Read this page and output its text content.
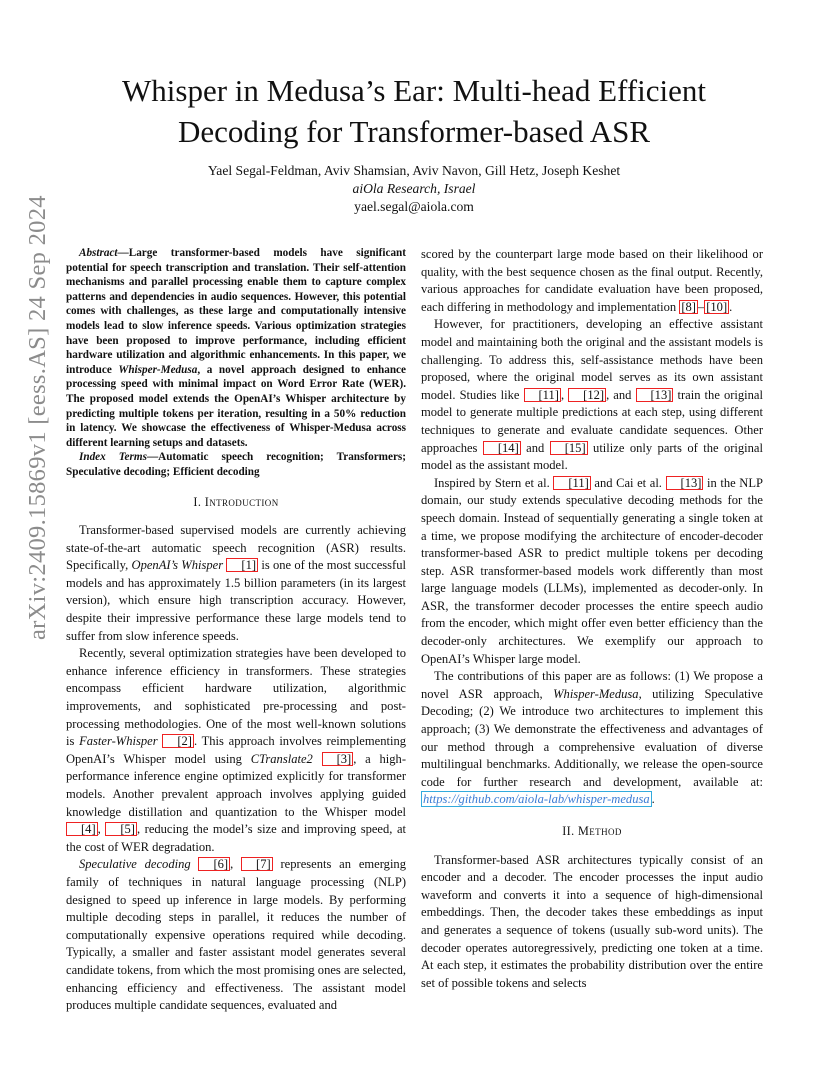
arXiv:2409.15869v1 [eess.AS] 24 Sep 2024
Whisper in Medusa’s Ear: Multi-head Efficient
Decoding for Transformer-based ASR
Yael Segal-Feldman, Aviv Shamsian, Aviv Navon, Gill Hetz, Joseph Keshet
aiOla Research, Israel
yael.segal@aiola.com

Abstract—Large transformer-based models have significant potential for speech transcription and translation. Their self-attention mechanisms and parallel processing enable them to capture complex patterns and dependencies in audio sequences. However, this potential comes with challenges, as these large and computationally intensive models lead to slow inference speeds. Various optimization strategies have been proposed to improve performance, including efficient hardware utilization and algorithmic enhancements. In this paper, we introduce Whisper-Medusa, a novel approach designed to enhance processing speed with minimal impact on Word Error Rate (WER). The proposed model extends the OpenAI’s Whisper architecture by predicting multiple tokens per iteration, resulting in a 50% reduction in latency. We showcase the effectiveness of Whisper-Medusa across different learning setups and datasets.

Index Terms—Automatic speech recognition; Transformers; Speculative decoding; Efficient decoding

I. Introduction

Transformer-based supervised models are currently achieving state-of-the-art automatic speech recognition (ASR) results. Specifically, OpenAI’s Whisper [1] is one of the most successful models and has approximately 1.5 billion parameters (in its largest version), which ensure high transcription accuracy. However, despite their impressive performance these large models tend to suffer from slow inference speeds.

Recently, several optimization strategies have been developed to enhance inference efficiency in transformers. These strategies encompass efficient hardware utilization, algorithmic improvements, and sophisticated pre-processing and post-processing methodologies. One of the most well-known solutions is Faster-Whisper [2] . This approach involves reimplementing OpenAI’s Whisper model using CTranslate2 [3] , a high-performance inference engine optimized explicitly for transformer models. Another prevalent approach involves applying guided knowledge distillation and quantization to the Whisper model [4] , [5] , reducing the model’s size and improving speed, at the cost of WER degradation.

Speculative decoding [6] , [7] represents an emerging family of techniques in natural language processing (NLP) designed to speed up inference in large models. By performing multiple decoding steps in parallel, it reduces the number of computationally expensive operations required while decoding. Typically, a smaller and faster assistant model generates several candidate tokens, from which the most promising ones are selected, enhancing efficiency and effectiveness. The assistant model produces multiple candidate sequences, evaluated and

scored by the counterpart large mode based on their likelihood or quality, with the best sequence chosen as the final output. Recently, various approaches for candidate evaluation have been proposed, each differing in methodology and implementation [8] – [10] .

However, for practitioners, developing an effective assistant model and maintaining both the original and the assistant models is challenging. To address this, self-assistance methods have been proposed, where the original model serves as its own assistant model. Studies like [11] , [12] , and [13] train the original model to generate multiple predictions at each step, using different techniques to generate and evaluate candidate sequences. Other approaches [14] and [15] utilize only parts of the original model as the assistant model.

Inspired by Stern et al. [11] and Cai et al. [13] in the NLP domain, our study extends speculative decoding methods for the speech domain. Instead of sequentially generating a single token at a time, we propose modifying the architecture of encoder-decoder transformer-based ASR to predict multiple tokens per decoding step. ASR transformer-based models work differently than most large language models (LLMs), implemented as decoder-only. In ASR, the transformer decoder processes the entire speech audio from the encoder, which might offer even better efficiency than the decoder-only architectures. We exemplify our approach to OpenAI’s Whisper large model.

The contributions of this paper are as follows: (1) We propose a novel ASR approach, Whisper-Medusa, utilizing Speculative Decoding; (2) We introduce two architectures to implement this approach; (3) We demonstrate the effectiveness and advantages of our method through a comprehensive evaluation of diverse multilingual benchmarks. Additionally, we release the open-source code for further research and development, available at: https://github.com/aiola-lab/whisper-medusa .

II. Method

Transformer-based ASR architectures typically consist of an encoder and a decoder. The encoder processes the input audio waveform and converts it into a sequence of high-dimensional embeddings. Then, the decoder takes these embeddings as input and generates a sequence of tokens (usually sub-word units). The decoder operates autoregressively, predicting one token at a time. At each step, it estimates the probability distribution over the entire set of possible tokens and selects
